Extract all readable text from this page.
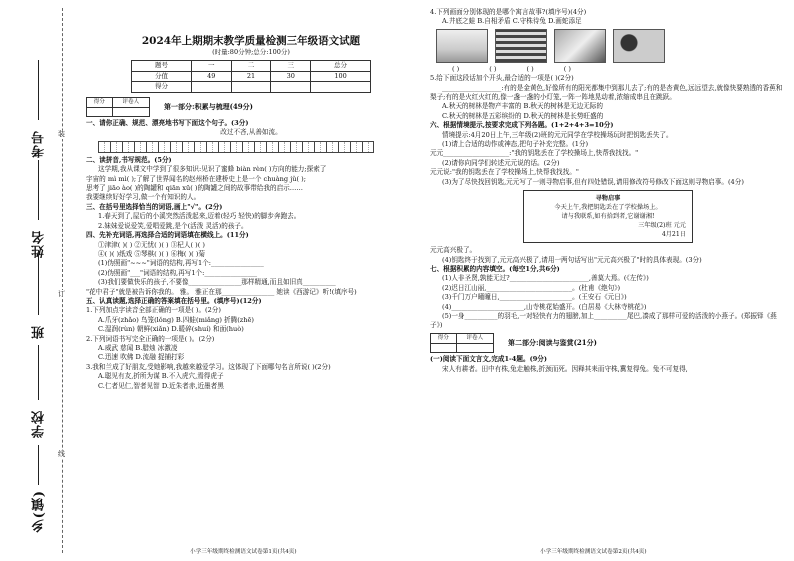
考号
姓名
班
学校
乡(镇)
装
订
线
2024年上期期末教学质量检测三年级语文试题
(时量:80分钟;总分:100分)
题号	一	二	三	总分
分值	49	21	30	100
得分				
得分	评卷人

第一部分:积累与梳理(49分)
一、请你正确、规范、漂亮地书写下面这个句子。(3分)
改过不吝,从善如流。
二、读拼音,书写规范。(5分)
这学期,我从课文中学到了很多知识:见识了蜜蜂 biàn rèn( )方向的能力;探索了
宇宙的 mì mì( );了解了世界闻名的赵州桥在建桥史上是一个 chuàng jǔ( );
思考了 jiāo ào( )的陶罐和 qiān xū( )的陶罐之间的故事带给我的启示……
我要继续好好学习,做一个有知识的人。
三、在括号里选择恰当的词语,画上"√"。(2分)
1.春天到了,屋后的小溪突然活泼起来,迈着(轻巧 轻快)的脚步奔跑去。
2.妹妹爱说爱笑,爱唱爱跳,是个(活泼 灵活)的孩子。
四、先补充词语,再选择合适的词语填在横线上。(11分)
①津津( )( ) ②无忧( )( ) ③杞人( )( )
④( )( )纸戏 ⑤琴棋( )( ) ⑥梅( )( )菊
(1)伪照画"~~~"词语的结构,再写1个:________________
(2)伪照画"___"词语的结构,再写1个:________________
(3)我们要做快乐的孩子,不要像________________那样精通,而且如旧真__________
"花中君子"就是被告诉你我的。 雅。 雅正在那________________ 她读《西游记》听!(填序号)
五、认真读题,选择正确的答案填在括号里。(填序号)(12分)
1.下列加点字读音全部正确的一项是( )。(2分)
A.爪牙(zhǎo) 鸟笼(lǒng) B.四蛙(miǎng) 折腾(zhē)
C.湿润(rùn) 朝鲜(xiǎn) D.暖碎(shuí) 和面(huò)
2.下列词语书写完全正确的一项是( )。(2分)
A.威武 慈闻 B.腊烛 冰激凌
C.迅速 吹佛 D.流融 捉捕打彩
3.我和兰成了好朋友,受她影响,我越来越爱学习。这体现了下面哪句名言所说( )(2分)
A.聪见有友,折所为谋 B.不入虎穴,焉得虎子
C.仁者见仁,智者见智 D.近朱者赤,近墨者黑
小学三年级期终检测语文试卷第1页(共4页)
4.下列画面分别体现的是哪个寓言故事?(填序号)(4分)
A.井底之蛙 B.自相矛盾 C.守株待兔 D.画蛇添足
( )	( )	( )	( )
5.给下面这段话加个开头,最合适的一项是( )(2分)
__________________:有的是金黄色,好像所有的阳光都集中到那儿去了;有的是杏黄色,远远望去,就像快要熟透的香蕉和梨子;有的是火红火红的,像一盏一盏的小灯笼,一阵一阵地晃动着,浓缩成串且在跳跃。
A.秋天的树林是物产丰富的 B.秋天的树林是无边无际的
C.秋天的树林是五彩缤纷的 D.秋天的树林是长势旺盛的
六、根据情境提示,按要求完成下列各题。(1+2+4+3=10分)
情境提示:4月20日上午,三年级(2)班的元元同学在学校操场玩时把钥匙丢失了。
(1)请上合适的动作或神态,把句子补充完整。(1分)
元元____________________:"我的钥匙丢在了学校操场上,快帮我找找。"
(2)请你向同学们转述元元说的话。(2分)
元元说:"我的钥匙丢在了学校操场上,快帮我找找。"
(3)为了尽快找回钥匙,元元写了一则寻物启事,但有四处错误,请用修改符号修改下面这则寻物启事。(4分)
寻物启事
今天上午,我把钥匙丢在了学校操场上。
请与我联系,如有拾到者,它谢谢湘!
三年级(2)班 元元
4月21日
元元高兴极了。
(4)钥匙终于找到了,元元高兴极了,请用一两句话写出"元元高兴极了"时的具体表现。(3分)
七、根据积累的内容填空。(每空1分,共6分)
(1)人非圣贤,孰能无过?________________________,善莫大焉。(《左传》)
(2)迟日江山丽,__________________________。(杜甫《绝句》)
(3)千门万户曈曈日,______________________。(王安石《元日》)
(4)______________________,山寺桃花始盛开。(白居易《大林寺桃花》)
(5)一身__________的羽毛,一对轻快有力的翅膀,加上__________尾巴,凑成了那样可爱的活泼的小燕子。(郑振铎《燕子》)
得分	评卷人

第二部分:阅读与鉴赏(21分)
(一)阅读下面文言文,完成1-4题。(9分)
宋人有耕者。田中有株,兔走触株,折颈而死。因释其耒而守株,冀复得兔。兔不可复得,
小学三年级期终检测语文试卷第2页(共4页)
